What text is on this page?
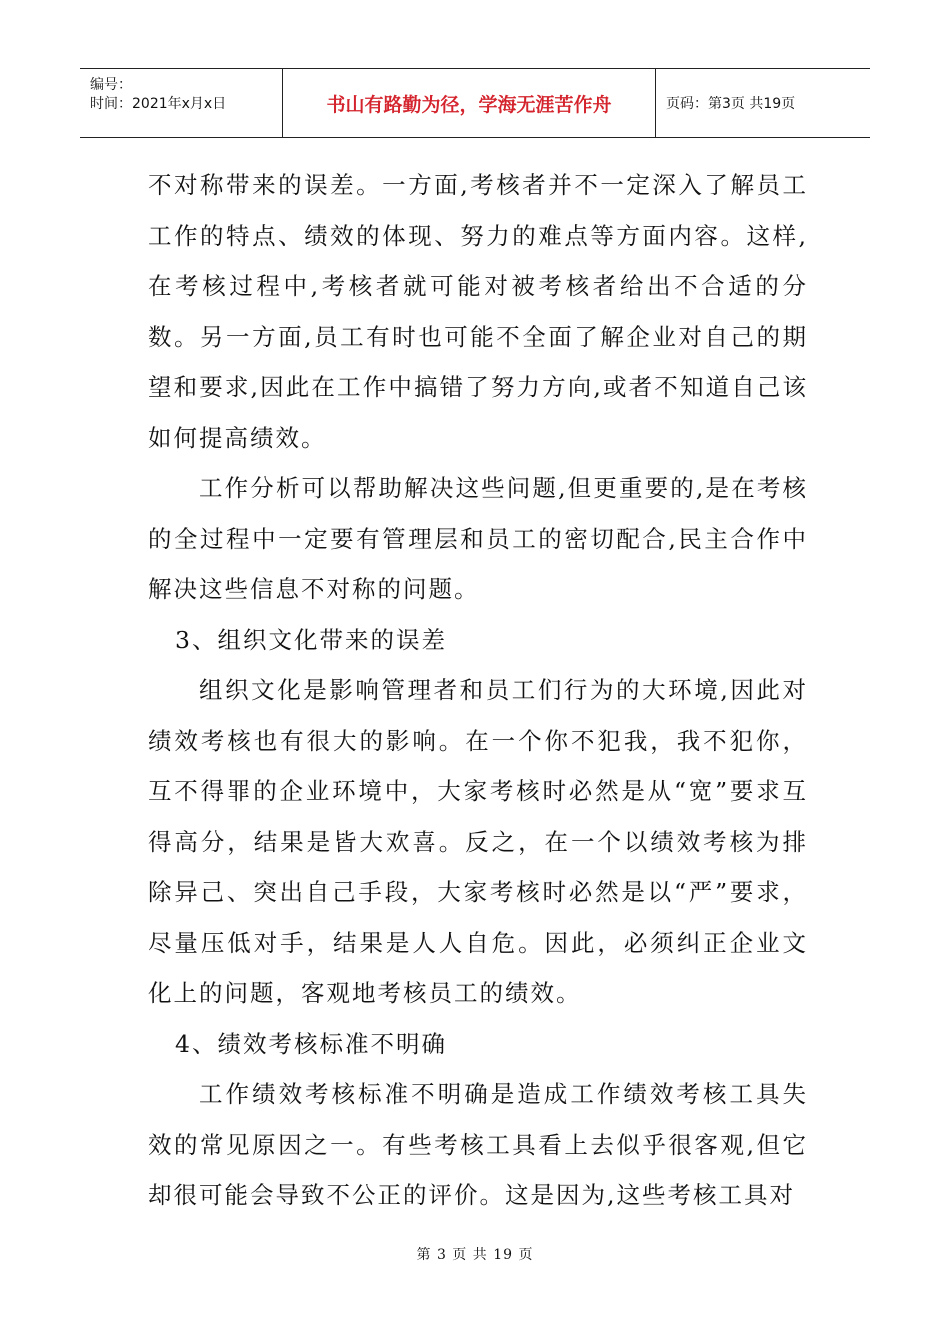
编号：
时间：2021年x月x日	书山有路勤为径，学海无涯苦作舟	页码：第3页 共19页

不对称带来的误差。一方面,考核者并不一定深入了解员工工作的特点、绩效的体现、努力的难点等方面内容。这样,在考核过程中,考核者就可能对被考核者给出不合适的分数。另一方面,员工有时也可能不全面了解企业对自己的期望和要求,因此在工作中搞错了努力方向,或者不知道自己该如何提高绩效。

工作分析可以帮助解决这些问题,但更重要的,是在考核的全过程中一定要有管理层和员工的密切配合,民主合作中解决这些信息不对称的问题。

3、组织文化带来的误差

组织文化是影响管理者和员工们行为的大环境,因此对绩效考核也有很大的影响。在一个你不犯我，我不犯你，互不得罪的企业环境中，大家考核时必然是从“宽”要求互得高分，结果是皆大欢喜。反之，在一个以绩效考核为排除异己、突出自己手段，大家考核时必然是以“严”要求，尽量压低对手，结果是人人自危。因此，必须纠正企业文化上的问题，客观地考核员工的绩效。

4、绩效考核标准不明确

工作绩效考核标准不明确是造成工作绩效考核工具失效的常见原因之一。有些考核工具看上去似乎很客观,但它却很可能会导致不公正的评价。这是因为,这些考核工具对

第 3 页 共 19 页
